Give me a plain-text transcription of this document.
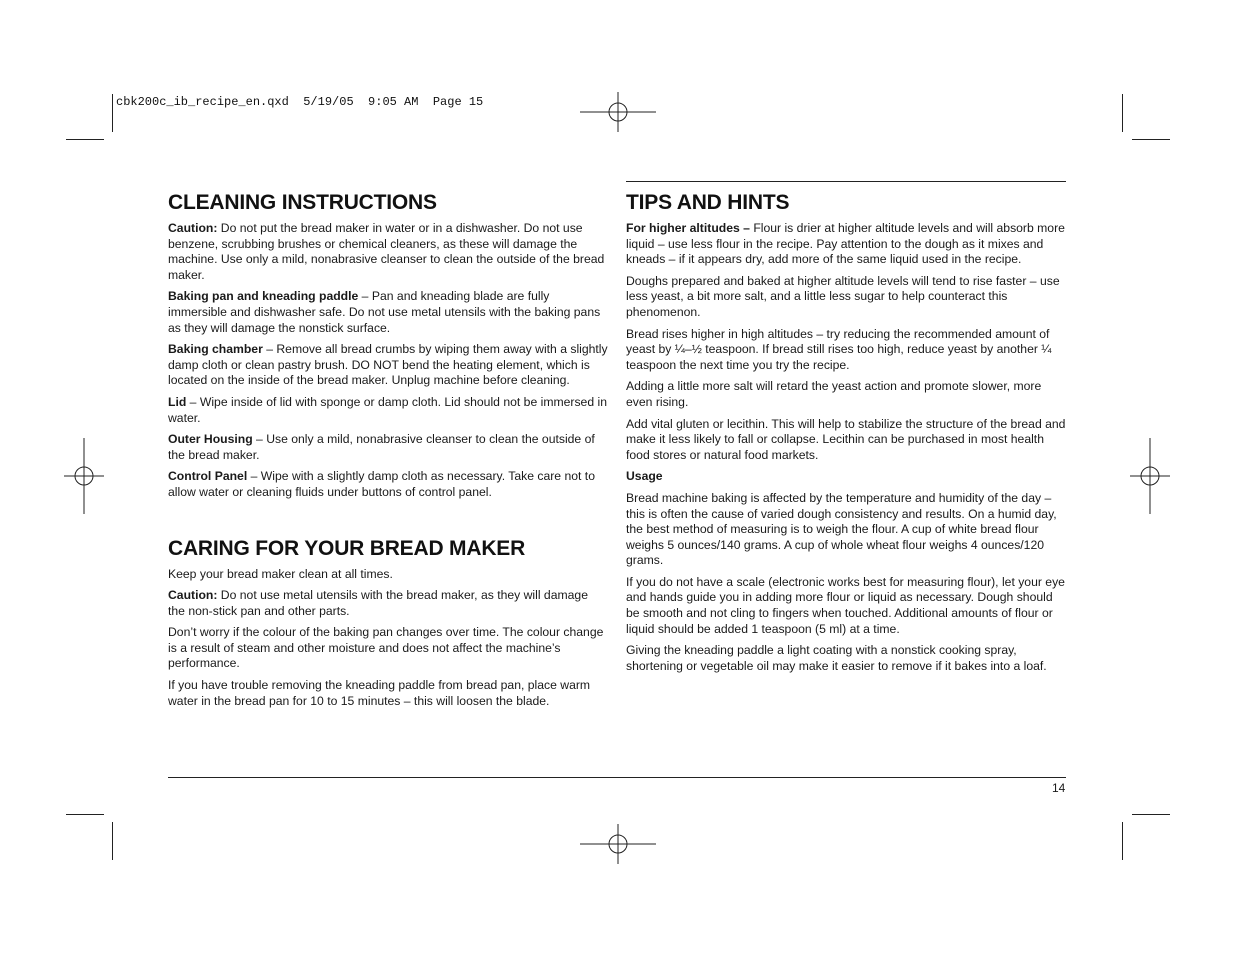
cbk200c_ib_recipe_en.qxd  5/19/05  9:05 AM  Page 15
CLEANING INSTRUCTIONS

Caution: Do not put the bread maker in water or in a dishwasher. Do not use benzene, scrubbing brushes or chemical cleaners, as these will damage the machine. Use only a mild, nonabrasive cleanser to clean the outside of the bread maker.

Baking pan and kneading paddle – Pan and kneading blade are fully immersible and dishwasher safe. Do not use metal utensils with the baking pans as they will damage the nonstick surface.

Baking chamber – Remove all bread crumbs by wiping them away with a slightly damp cloth or clean pastry brush. DO NOT bend the heating element, which is located on the inside of the bread maker. Unplug machine before cleaning.

Lid – Wipe inside of lid with sponge or damp cloth. Lid should not be immersed in water.

Outer Housing – Use only a mild, nonabrasive cleanser to clean the outside of the bread maker.

Control Panel – Wipe with a slightly damp cloth as necessary. Take care not to allow water or cleaning fluids under buttons of control panel.

CARING FOR YOUR BREAD MAKER

Keep your bread maker clean at all times.

Caution: Do not use metal utensils with the bread maker, as they will damage the non-stick pan and other parts.

Don’t worry if the colour of the baking pan changes over time. The colour change is a result of steam and other moisture and does not affect the machine’s performance.

If you have trouble removing the kneading paddle from bread pan, place warm water in the bread pan for 10 to 15 minutes – this will loosen the blade.

TIPS AND HINTS

For higher altitudes – Flour is drier at higher altitude levels and will absorb more liquid – use less flour in the recipe. Pay attention to the dough as it mixes and kneads – if it appears dry, add more of the same liquid used in the recipe.

Doughs prepared and baked at higher altitude levels will tend to rise faster – use less yeast, a bit more salt, and a little less sugar to help counteract this phenomenon.

Bread rises higher in high altitudes – try reducing the recommended amount of yeast by ¼–½ teaspoon. If bread still rises too high, reduce yeast by another ¼ teaspoon the next time you try the recipe.

Adding a little more salt will retard the yeast action and promote slower, more even rising.

Add vital gluten or lecithin. This will help to stabilize the structure of the bread and make it less likely to fall or collapse. Lecithin can be purchased in most health food stores or natural food markets.

Usage

Bread machine baking is affected by the temperature and humidity of the day – this is often the cause of varied dough consistency and results. On a humid day, the best method of measuring is to weigh the flour. A cup of white bread flour weighs 5 ounces/140 grams. A cup of whole wheat flour weighs 4 ounces/120 grams.

If you do not have a scale (electronic works best for measuring flour), let your eye and hands guide you in adding more flour or liquid as necessary. Dough should be smooth and not cling to fingers when touched. Additional amounts of flour or liquid should be added 1 teaspoon (5 ml) at a time.

Giving the kneading paddle a light coating with a nonstick cooking spray, shortening or vegetable oil may make it easier to remove if it bakes into a loaf.

14
